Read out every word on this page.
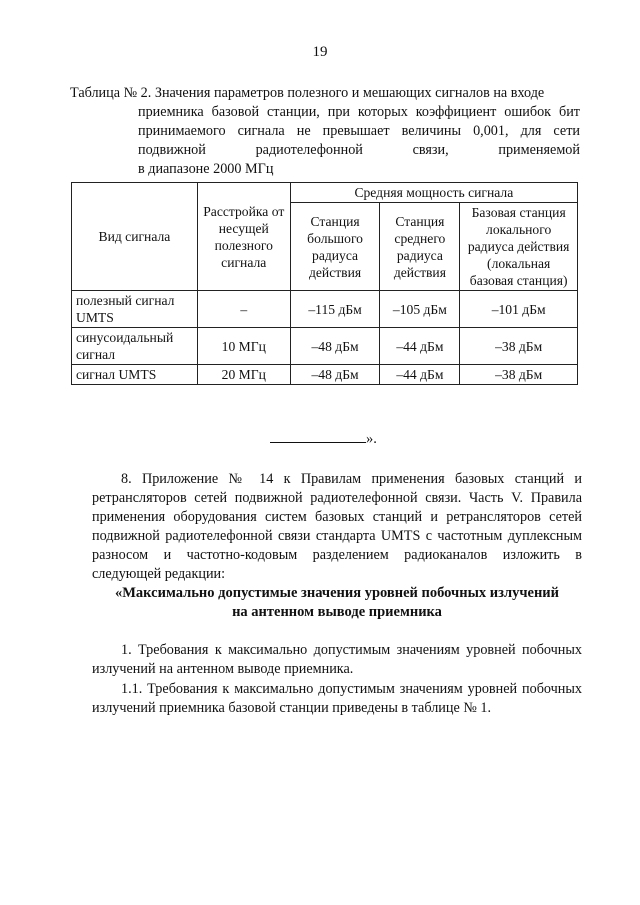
19
Таблица № 2. Значения параметров полезного и мешающих сигналов на входе
приемника базовой станции, при которых коэффициент ошибок бит
принимаемого сигнала не превышает величины 0,001, для сети подвижной радиотелефонной связи, применяемой
в диапазоне 2000 МГц
Вид сигнала	Расстройка от несущей полезного сигнала	Средняя мощность сигнала		
		Станция большого радиуса действия	Станция среднего радиуса действия	Базовая станция локального радиуса действия (локальная базовая станция)
полезный сигнал UMTS	–	–115 дБм	–105 дБм	–101 дБм
синусоидальный сигнал	10 МГц	–48 дБм	–44 дБм	–38 дБм
сигнал UMTS	20 МГц	–48 дБм	–44 дБм	–38 дБм
».
8. Приложение № 14 к Правилам применения базовых станций и ретрансляторов сетей подвижной радиотелефонной связи. Часть V. Правила применения оборудования систем базовых станций и ретрансляторов сетей подвижной радиотелефонной связи стандарта UMTS с частотным дуплексным разносом и частотно-кодовым разделением радиоканалов изложить в следующей редакции:
«Максимально допустимые значения уровней побочных излучений
на антенном выводе приемника
1. Требования к максимально допустимым значениям уровней побочных излучений на антенном выводе приемника.
1.1. Требования к максимально допустимым значениям уровней побочных излучений приемника базовой станции приведены в таблице № 1.
